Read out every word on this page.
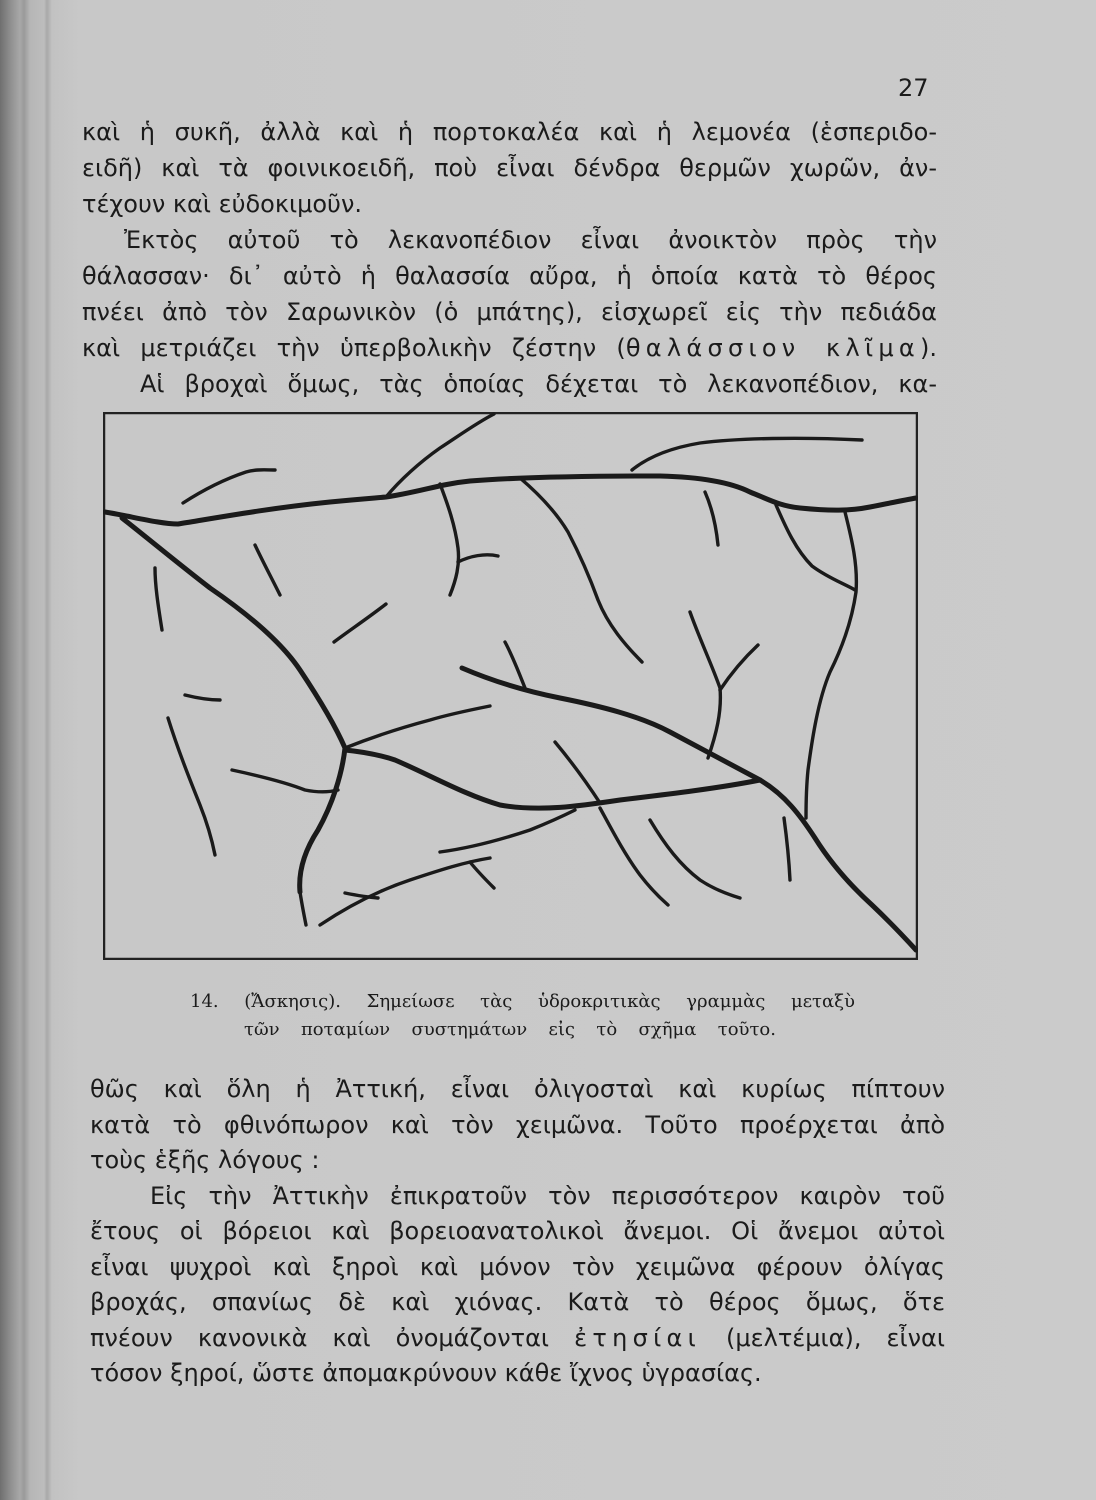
27
καὶ ἡ συκῆ, ἀλλὰ καὶ ἡ πορτοκαλέα καὶ ἡ λεμονέα (ἑσπεριδο-
ειδῆ) καὶ τὰ φοινικοειδῆ, ποὺ εἶναι δένδρα θερμῶν χωρῶν, ἀν-
τέχουν καὶ εὐδοκιμοῦν.
Ἐκτὸς αὐτοῦ τὸ λεκανοπέδιον εἶναι ἀνοικτὸν πρὸς τὴν
θάλασσαν· δι᾽ αὐτὸ ἡ θαλασσία αὔρα, ἡ ὁποία κατὰ τὸ θέρος
πνέει ἀπὸ τὸν Σαρωνικὸν (ὁ μπάτης), εἰσχωρεῖ εἰς τὴν πεδιάδα
καὶ μετριάζει τὴν ὑπερβολικὴν ζέστην (θαλάσσιον κλῖμα).
Αἱ βροχαὶ ὅμως, τὰς ὁποίας δέχεται τὸ λεκανοπέδιον, κα-
14. (Ἄσκησις). Σημείωσε τὰς ὑδροκριτικὰς γραμμὰς μεταξὺ
τῶν ποταμίων συστημάτων εἰς τὸ σχῆμα τοῦτο.
θῶς καὶ ὅλη ἡ Ἀττική, εἶναι ὀλιγοσταὶ καὶ κυρίως πίπτουν
κατὰ τὸ φθινόπωρον καὶ τὸν χειμῶνα. Τοῦτο προέρχεται ἀπὸ
τοὺς ἑξῆς λόγους :
Εἰς τὴν Ἀττικὴν ἐπικρατοῦν τὸν περισσότερον καιρὸν τοῦ
ἔτους οἱ βόρειοι καὶ βορειοανατολικοὶ ἄνεμοι. Οἱ ἄνεμοι αὐτοὶ
εἶναι ψυχροὶ καὶ ξηροὶ καὶ μόνον τὸν χειμῶνα φέρουν ὀλίγας
βροχάς, σπανίως δὲ καὶ χιόνας. Κατὰ τὸ θέρος ὅμως, ὅτε
πνέουν κανονικὰ καὶ ὀνομάζονται ἐτησίαι (μελτέμια), εἶναι
τόσον ξηροί, ὥστε ἀπομακρύνουν κάθε ἴχνος ὑγρασίας.
